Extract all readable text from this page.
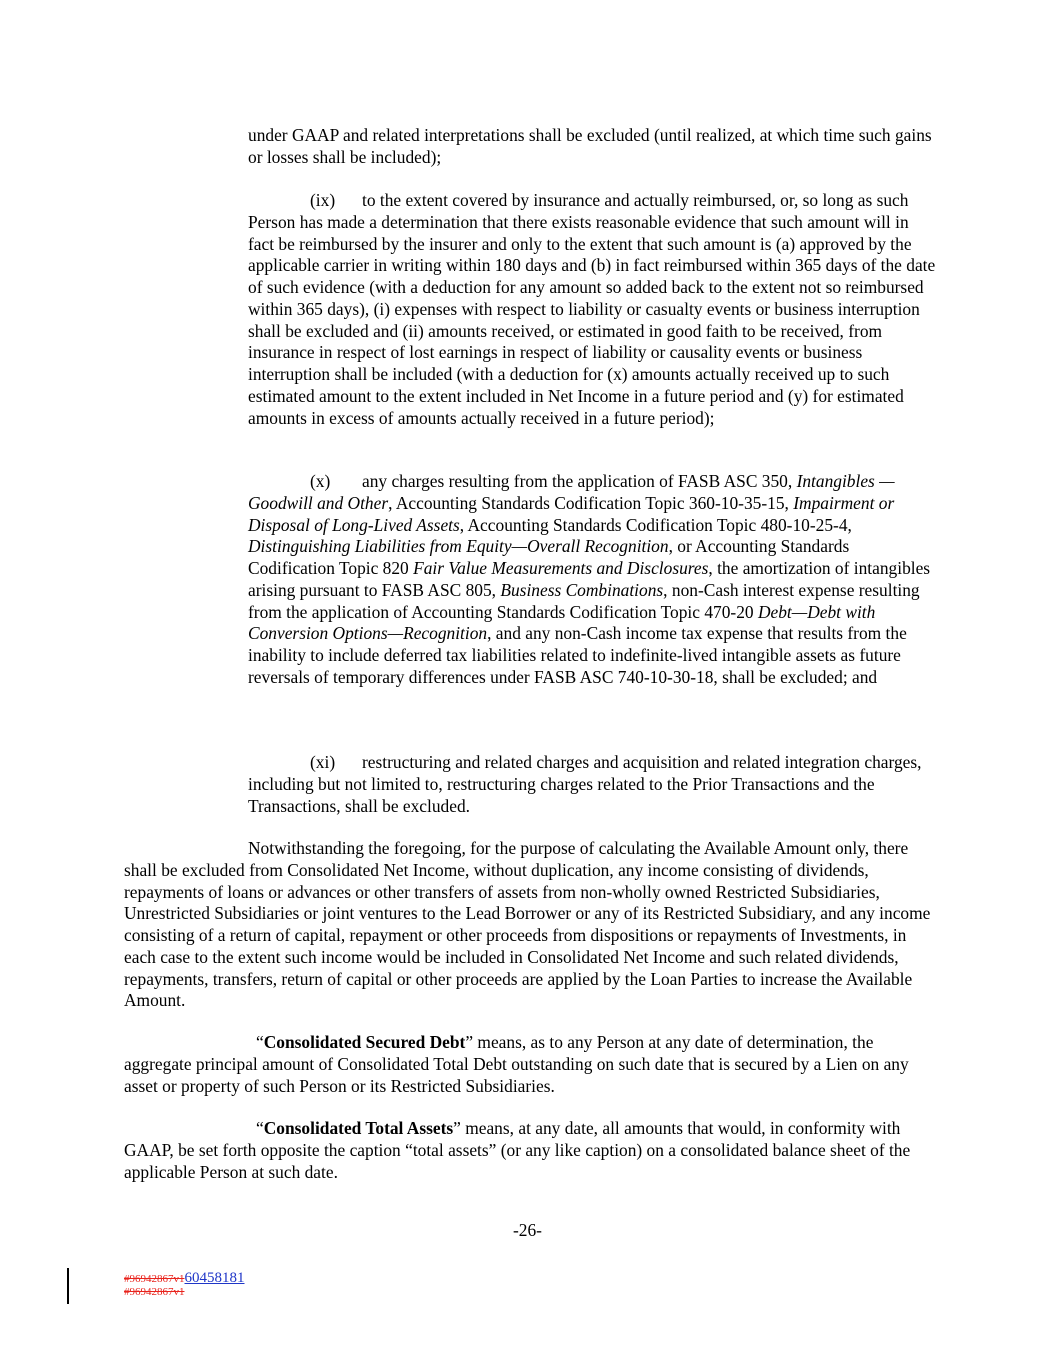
under GAAP and related interpretations shall be excluded (until realized, at which time such gains or losses shall be included);

(ix) to the extent covered by insurance and actually reimbursed, or, so long as such Person has made a determination that there exists reasonable evidence that such amount will in fact be reimbursed by the insurer and only to the extent that such amount is (a) approved by the applicable carrier in writing within 180 days and (b) in fact reimbursed within 365 days of the date of such evidence (with a deduction for any amount so added back to the extent not so reimbursed within 365 days), (i) expenses with respect to liability or casualty events or business interruption shall be excluded and (ii) amounts received, or estimated in good faith to be received, from insurance in respect of lost earnings in respect of liability or causality events or business interruption shall be included (with a deduction for (x) amounts actually received up to such estimated amount to the extent included in Net Income in a future period and (y) for estimated amounts in excess of amounts actually received in a future period);

(x) any charges resulting from the application of FASB ASC 350, Intangibles — Goodwill and Other, Accounting Standards Codification Topic 360-10-35-15, Impairment or Disposal of Long-Lived Assets, Accounting Standards Codification Topic 480-10-25-4, Distinguishing Liabilities from Equity—Overall Recognition, or Accounting Standards Codification Topic 820 Fair Value Measurements and Disclosures, the amortization of intangibles arising pursuant to FASB ASC 805, Business Combinations, non-Cash interest expense resulting from the application of Accounting Standards Codification Topic 470-20 Debt—Debt with Conversion Options—Recognition, and any non-Cash income tax expense that results from the inability to include deferred tax liabilities related to indefinite-lived intangible assets as future reversals of temporary differences under FASB ASC 740-10-30-18, shall be excluded; and

(xi) restructuring and related charges and acquisition and related integration charges, including but not limited to, restructuring charges related to the Prior Transactions and the Transactions, shall be excluded.

Notwithstanding the foregoing, for the purpose of calculating the Available Amount only, there shall be excluded from Consolidated Net Income, without duplication, any income consisting of dividends, repayments of loans or advances or other transfers of assets from non-wholly owned Restricted Subsidiaries, Unrestricted Subsidiaries or joint ventures to the Lead Borrower or any of its Restricted Subsidiary, and any income consisting of a return of capital, repayment or other proceeds from dispositions or repayments of Investments, in each case to the extent such income would be included in Consolidated Net Income and such related dividends, repayments, transfers, return of capital or other proceeds are applied by the Loan Parties to increase the Available Amount.

“Consolidated Secured Debt” means, as to any Person at any date of determination, the aggregate principal amount of Consolidated Total Debt outstanding on such date that is secured by a Lien on any asset or property of such Person or its Restricted Subsidiaries.

“Consolidated Total Assets” means, at any date, all amounts that would, in conformity with GAAP, be set forth opposite the caption “total assets” (or any like caption) on a consolidated balance sheet of the applicable Person at such date.

-26-
#96942867v160458181
#96942867v1
